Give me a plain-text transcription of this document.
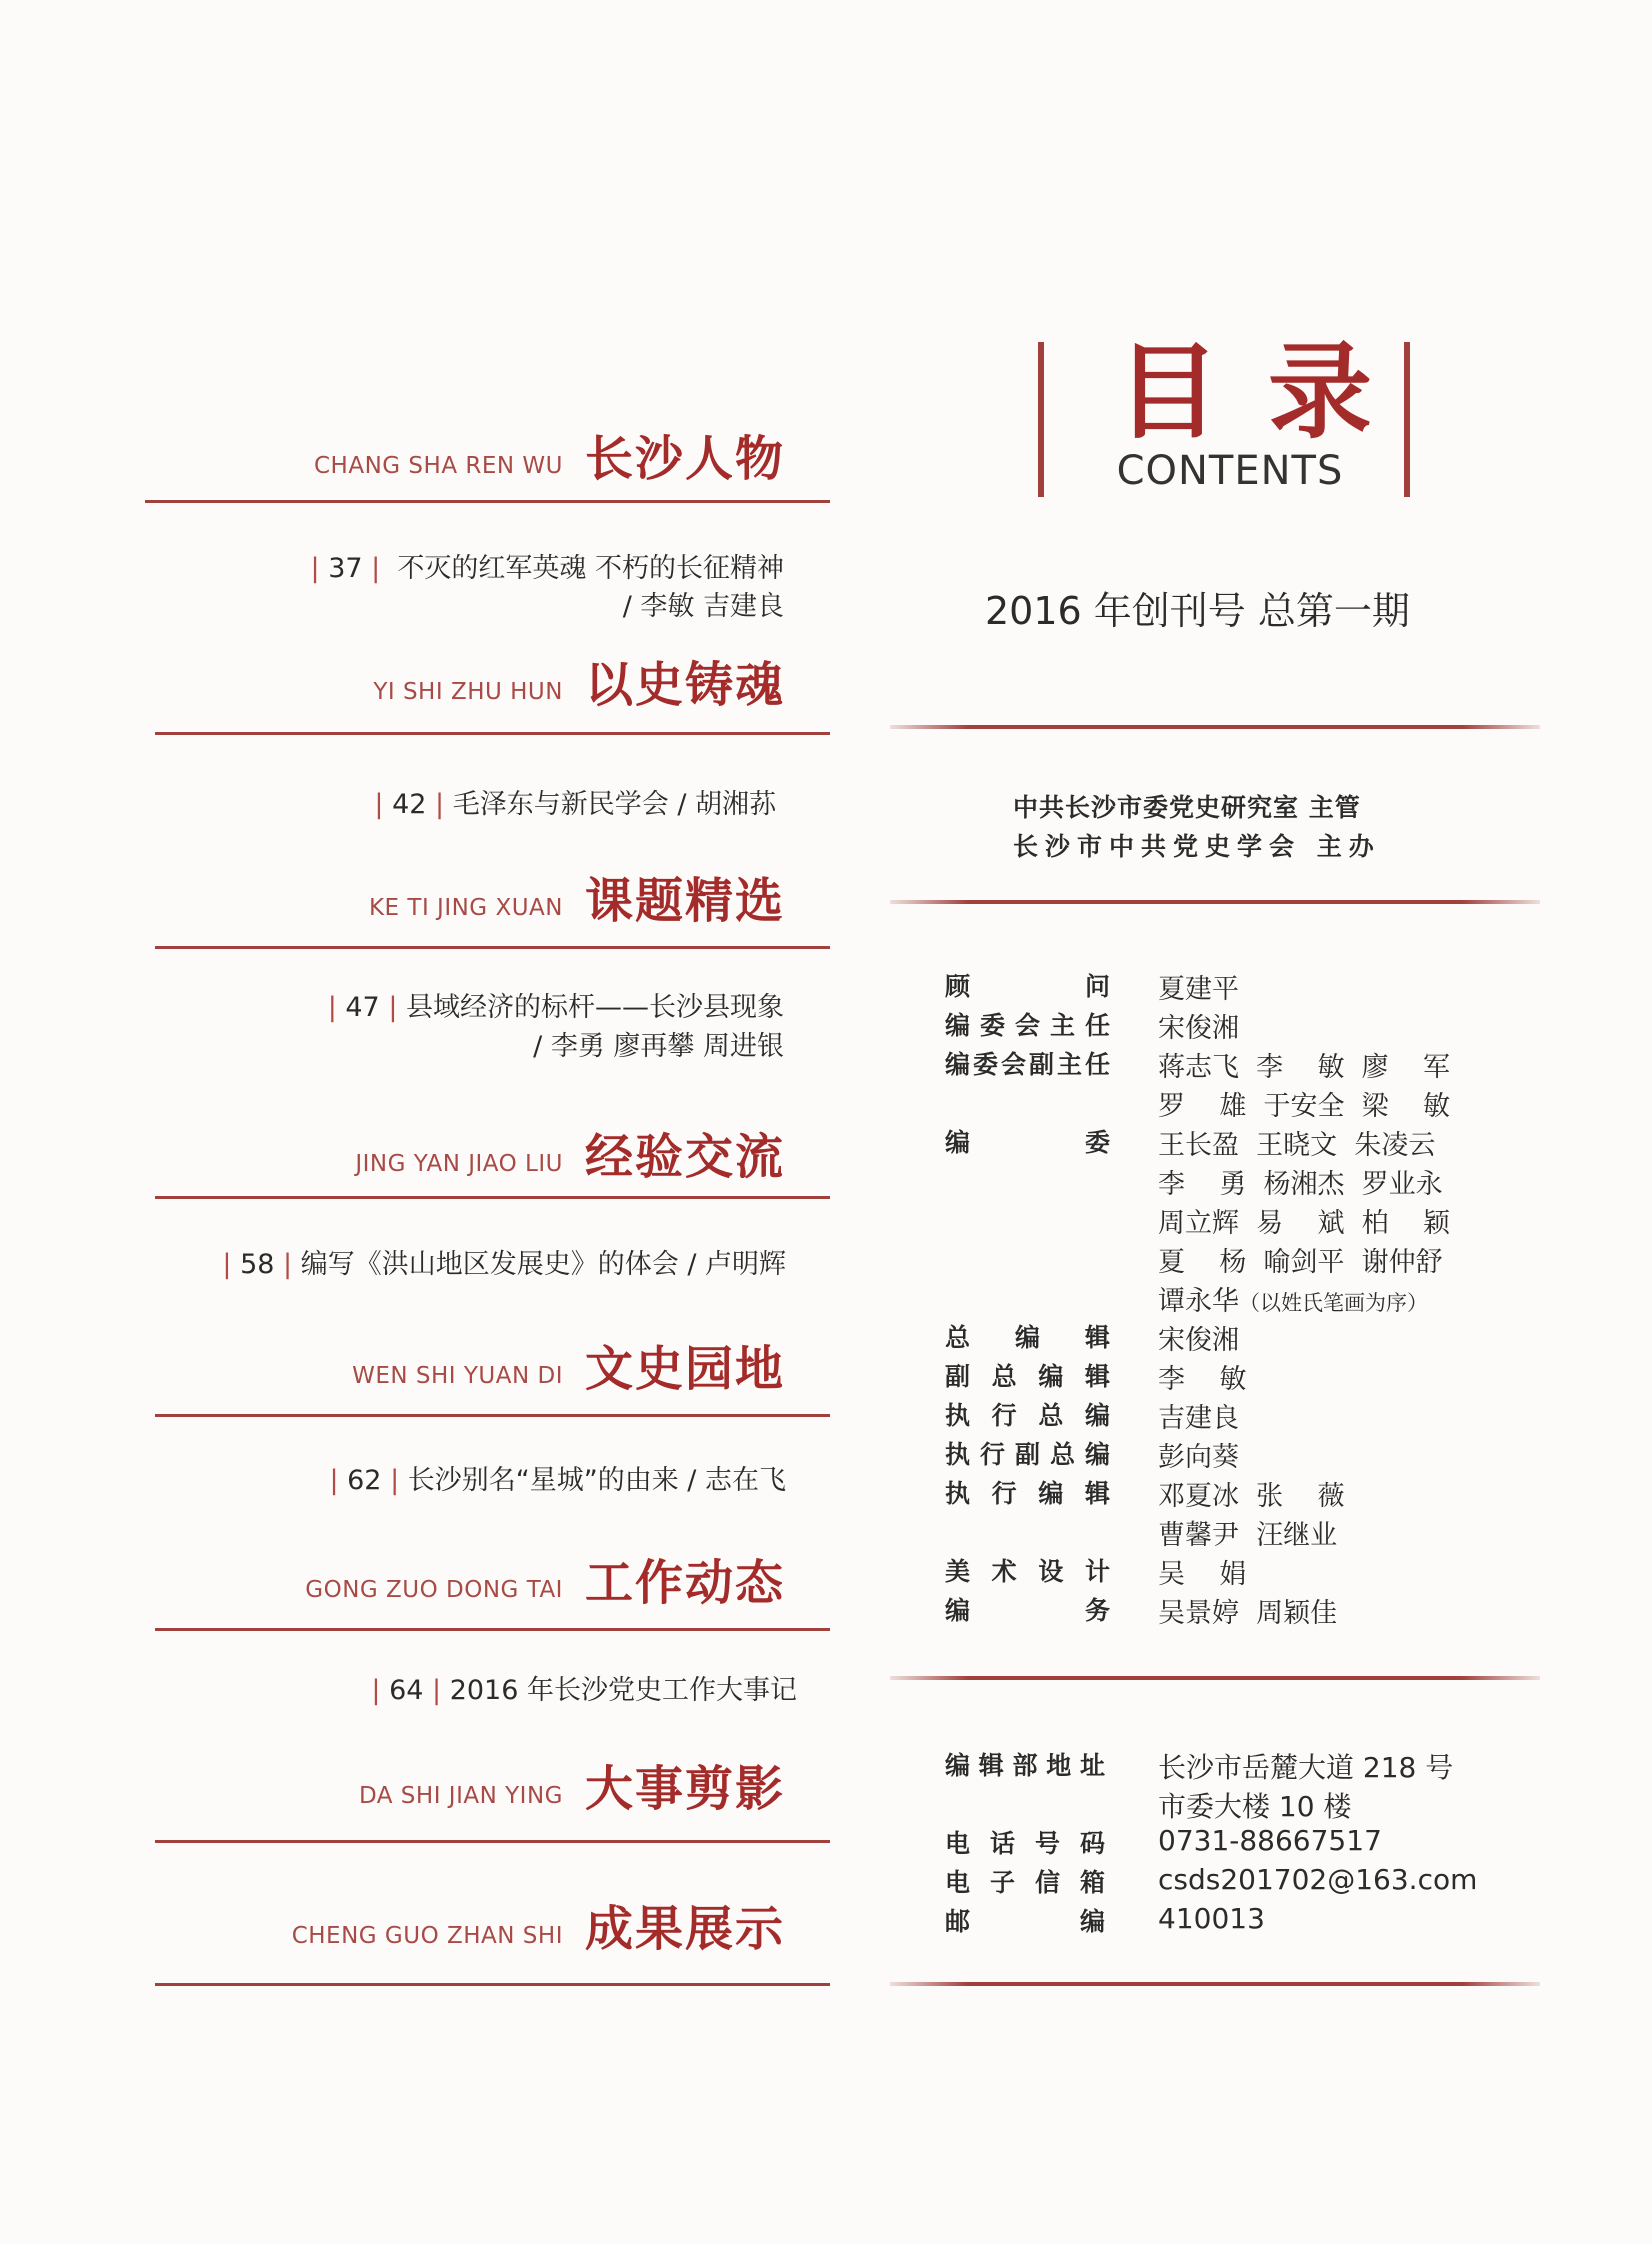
CHANG SHA REN WU 长沙人物
| 37 |  不灭的红军英魂 不朽的长征精神
/ 李敏 吉建良
YI SHI ZHU HUN 以史铸魂
| 42 | 毛泽东与新民学会 / 胡湘荪
KE TI JING XUAN 课题精选
| 47 | 县域经济的标杆——长沙县现象
/ 李勇 廖再攀 周进银
JING YAN JIAO LIU 经验交流
| 58 | 编写《洪山地区发展史》的体会 / 卢明辉
WEN SHI YUAN DI 文史园地
| 62 | 长沙别名“星城”的由来 / 志在飞
GONG ZUO DONG TAI 工作动态
| 64 | 2016 年长沙党史工作大事记
DA SHI JIAN YING 大事剪影
CHENG GUO ZHAN SHI 成果展示
目录
CONTENTS
2016 年创刊号 总第一期
中共长沙市委党史研究室 主管
长沙市中共党史学会 主办
顾问 夏建平
编委会主任 宋俊湘
编委会副主任 蒋志飞  李    敏  廖    军
罗    雄  于安全  梁    敏
编委 王长盈  王晓文  朱凌云
李    勇  杨湘杰  罗业永
周立辉  易    斌  柏    颖
夏    杨  喻剑平  谢仲舒
谭永华（以姓氏笔画为序）
总编辑 宋俊湘
副总编辑 李    敏
执行总编 吉建良
执行副总编 彭向葵
执行编辑 邓夏冰  张    薇
曹馨尹  汪继业
美术设计 吴    娟
编务 吴景婷  周颖佳
编辑部地址 长沙市岳麓大道 218 号
市委大楼 10 楼
电话号码 0731-88667517
电子信箱 csds201702@163.com
邮编 410013
